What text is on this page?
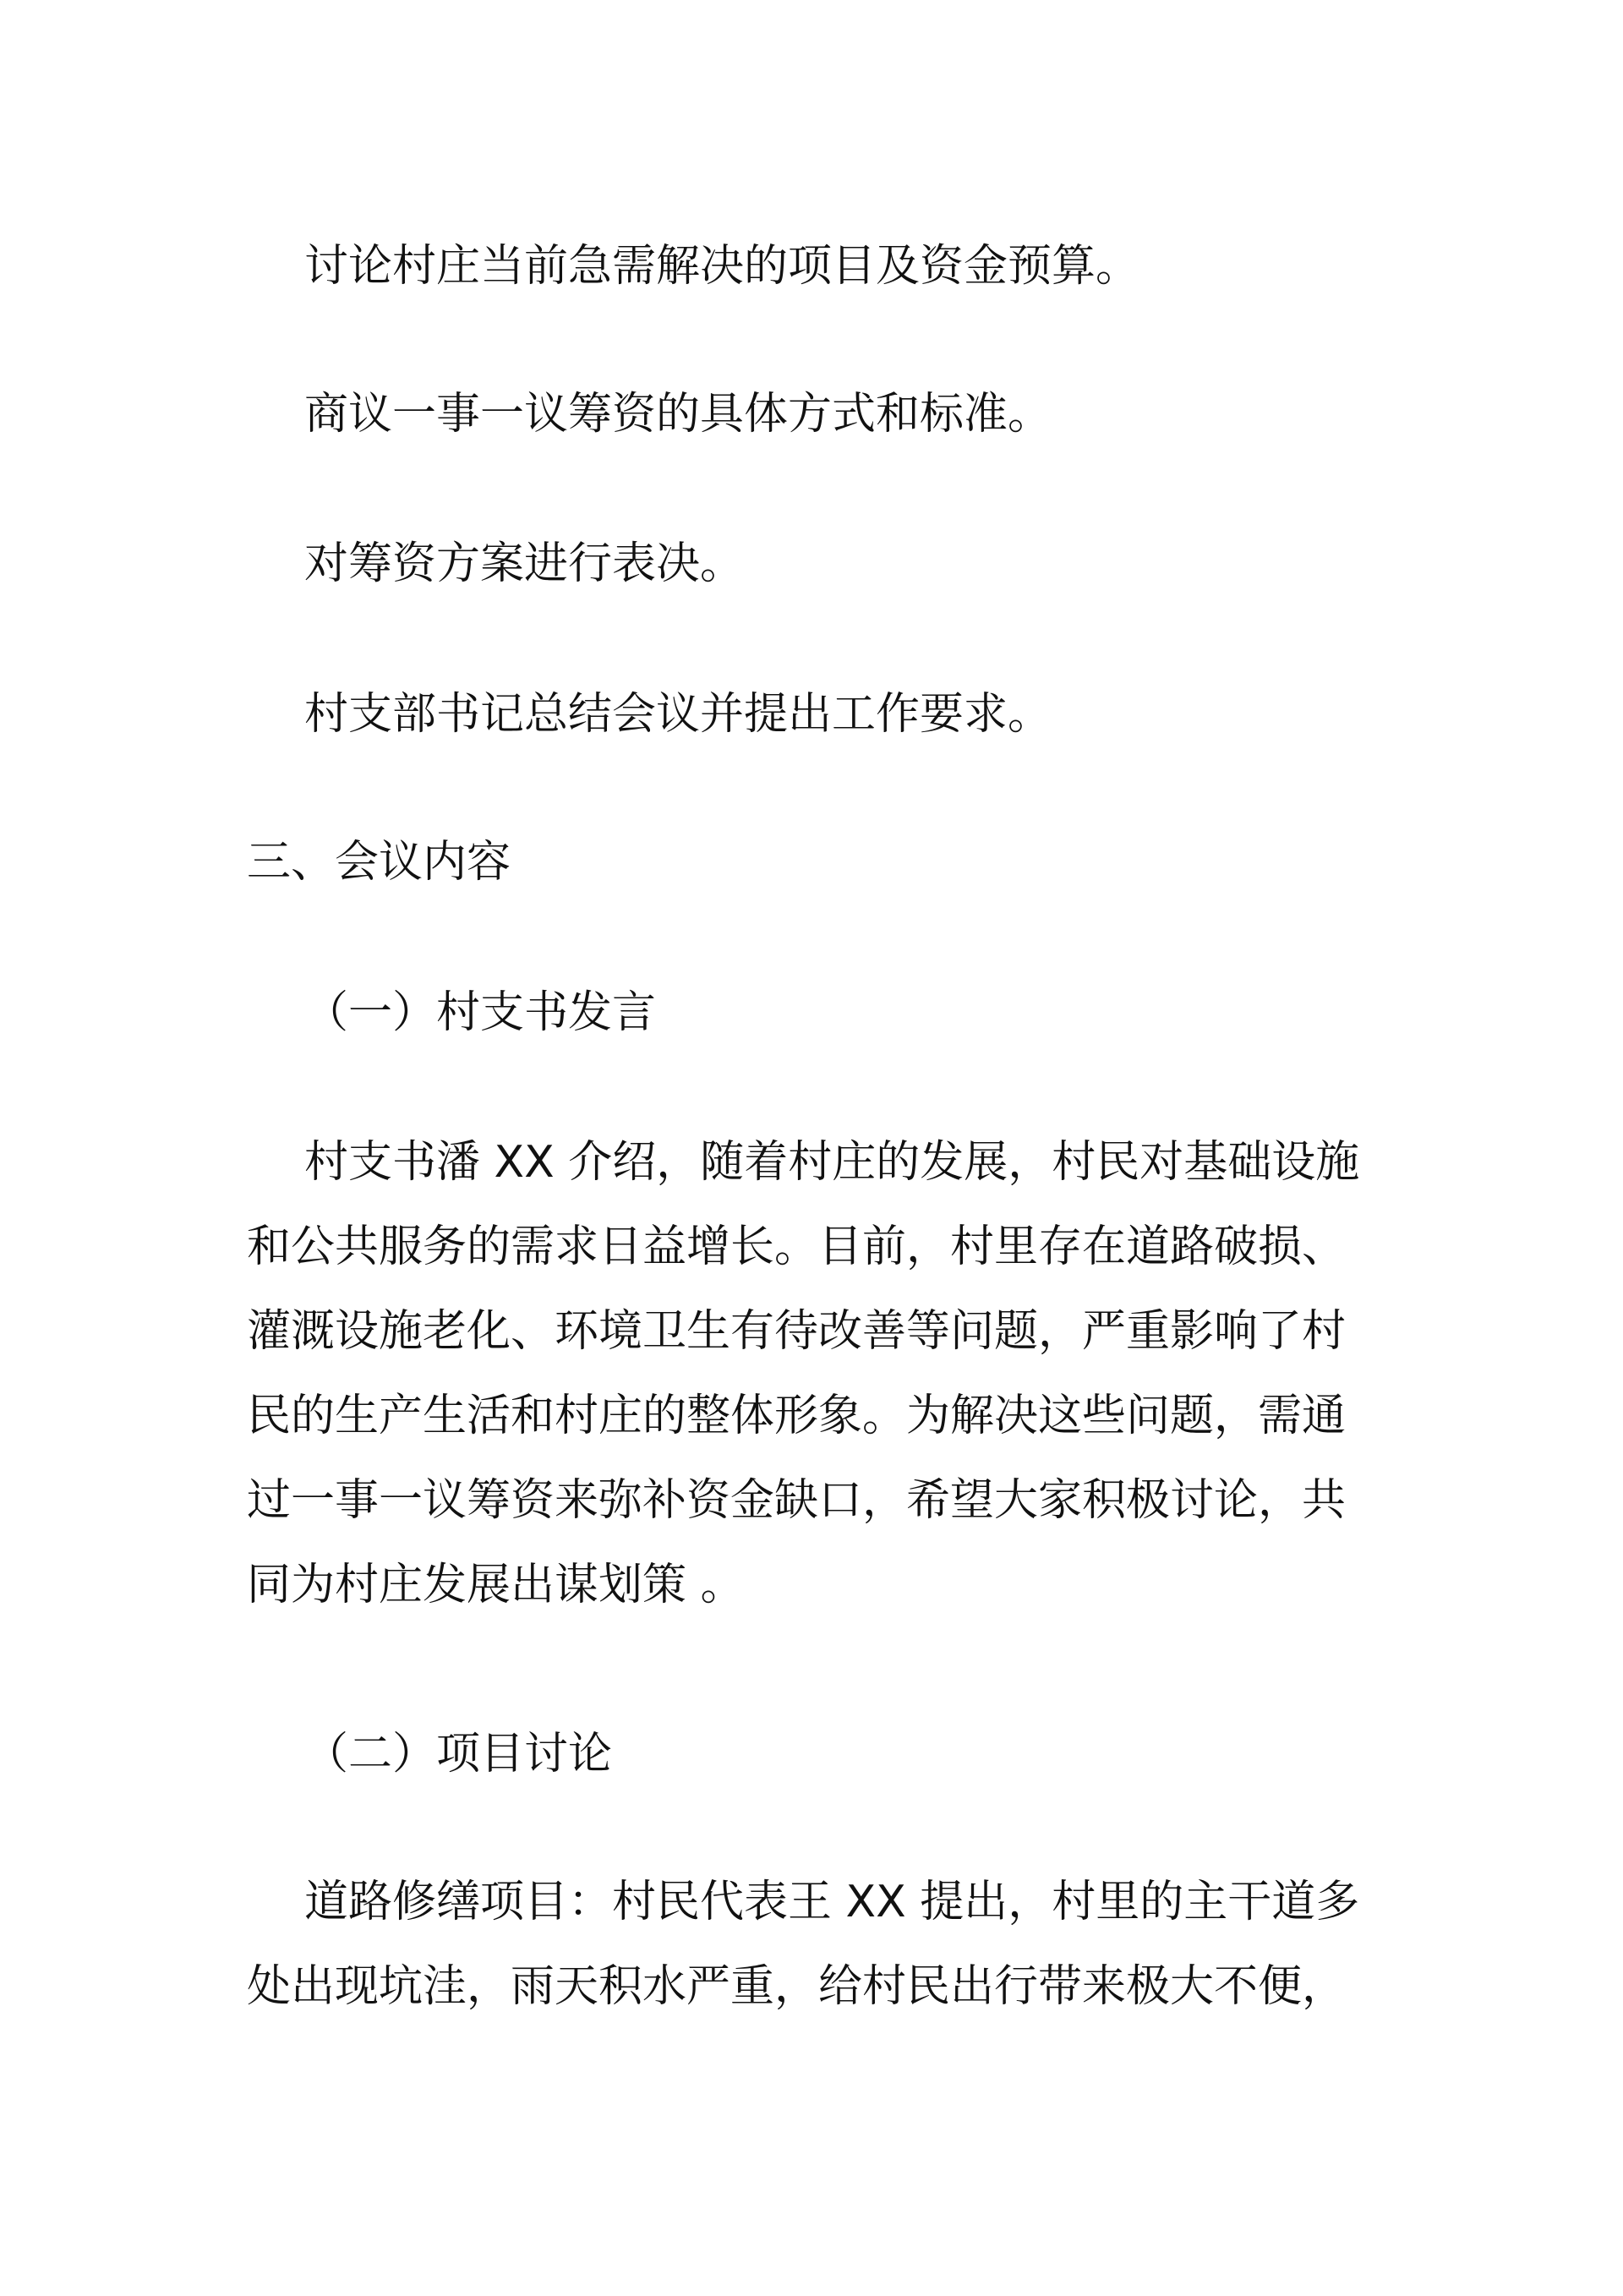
讨论村庄当前急需解决的项目及资金预算。

商议一事一议筹资的具体方式和标准。

对筹资方案进行表决。

村支部书记总结会议并提出工作要求。

三、会议内容

（一）村支书发言

村支书潘 XX 介绍，随着村庄的发展，村民对基础设施
和公共服务的需求日益增长。目前，村里存在道路破损、
灌溉设施老化、环境卫生有待改善等问题，严重影响了村
民的生产生活和村庄的整体形象。为解决这些问题，需通
过一事一议筹资来弥补资金缺口，希望大家积极讨论，共
同为村庄发展出谋划策 。

（二）项目讨论

道路修缮项目：村民代表王 XX 提出，村里的主干道多
处出现坑洼，雨天积水严重，给村民出行带来极大不便，
